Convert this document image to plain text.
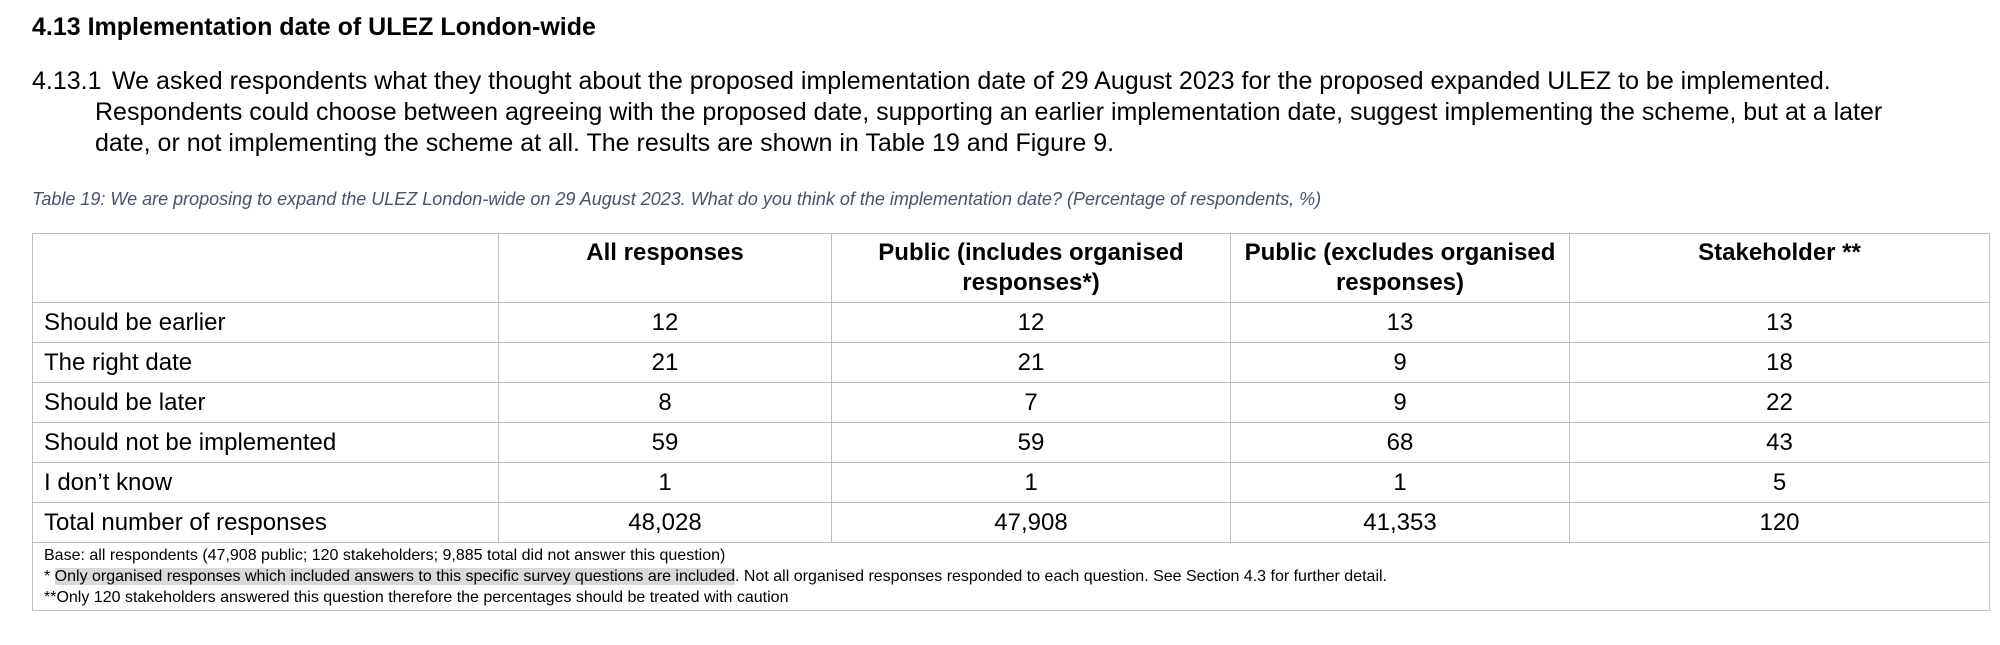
4.13 Implementation date of ULEZ London-wide
4.13.1 We asked respondents what they thought about the proposed implementation date of 29 August 2023 for the proposed expanded ULEZ to be implemented.
Respondents could choose between agreeing with the proposed date, supporting an earlier implementation date, suggest implementing the scheme, but at a later
date, or not implementing the scheme at all. The results are shown in Table 19 and Figure 9.
Table 19: We are proposing to expand the ULEZ London-wide on 29 August 2023. What do you think of the implementation date? (Percentage of respondents, %)
	All responses	Public (includes organised responses*)	Public (excludes organised responses)	Stakeholder **
Should be earlier	12	12	13	13
The right date	21	21	9	18
Should be later	8	7	9	22
Should not be implemented	59	59	68	43
I don’t know	1	1	1	5
Total number of responses	48,028	47,908	41,353	120

Base: all respondents (47,908 public; 120 stakeholders; 9,885 total did not answer this question)
* Only organised responses which included answers to this specific survey questions are included. Not all organised responses responded to each question. See Section 4.3 for further detail.
**Only 120 stakeholders answered this question therefore the percentages should be treated with caution				
